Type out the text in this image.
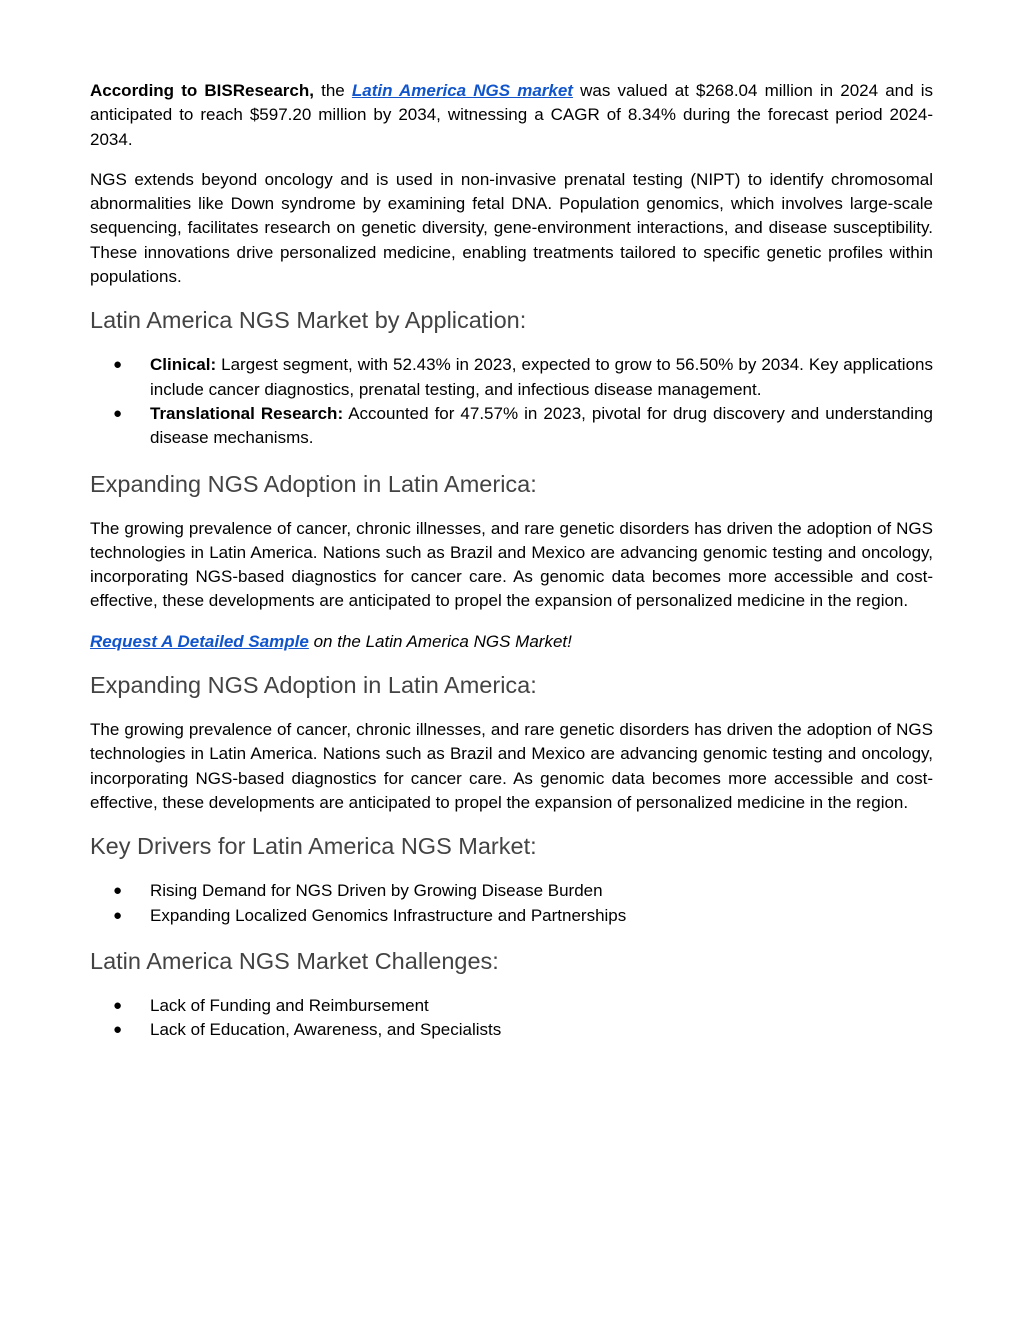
According to BISResearch, the Latin America NGS market was valued at $268.04 million in 2024 and is anticipated to reach $597.20 million by 2034, witnessing a CAGR of 8.34% during the forecast period 2024-2034.

NGS extends beyond oncology and is used in non-invasive prenatal testing (NIPT) to identify chromosomal abnormalities like Down syndrome by examining fetal DNA. Population genomics, which involves large-scale sequencing, facilitates research on genetic diversity, gene-environment interactions, and disease susceptibility. These innovations drive personalized medicine, enabling treatments tailored to specific genetic profiles within populations.

Latin America NGS Market by Application:
● Clinical: Largest segment, with 52.43% in 2023, expected to grow to 56.50% by 2034. Key applications include cancer diagnostics, prenatal testing, and infectious disease management.
● Translational Research: Accounted for 47.57% in 2023, pivotal for drug discovery and understanding disease mechanisms.
Expanding NGS Adoption in Latin America:

The growing prevalence of cancer, chronic illnesses, and rare genetic disorders has driven the adoption of NGS technologies in Latin America. Nations such as Brazil and Mexico are advancing genomic testing and oncology, incorporating NGS-based diagnostics for cancer care. As genomic data becomes more accessible and cost-effective, these developments are anticipated to propel the expansion of personalized medicine in the region.

Request A Detailed Sample on the Latin America NGS Market!

Expanding NGS Adoption in Latin America:

The growing prevalence of cancer, chronic illnesses, and rare genetic disorders has driven the adoption of NGS technologies in Latin America. Nations such as Brazil and Mexico are advancing genomic testing and oncology, incorporating NGS-based diagnostics for cancer care. As genomic data becomes more accessible and cost-effective, these developments are anticipated to propel the expansion of personalized medicine in the region.

Key Drivers for Latin America NGS Market:
● Rising Demand for NGS Driven by Growing Disease Burden
● Expanding Localized Genomics Infrastructure and Partnerships
Latin America NGS Market Challenges:
● Lack of Funding and Reimbursement
● Lack of Education, Awareness, and Specialists
